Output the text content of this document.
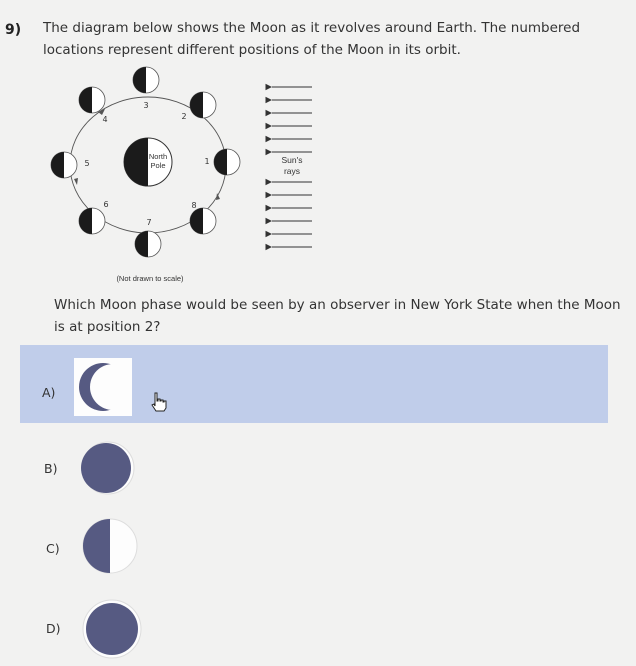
9) The diagram below shows the Moon as it revolves around Earth. The numbered locations represent different positions of the Moon in its orbit.
North
Pole
3
2
4
5	1
6
7
8
Sun's
rays
(Not drawn to scale)
Which Moon phase would be seen by an observer in New York State when the Moon is at position 2?
A)
B)
C)
D)
